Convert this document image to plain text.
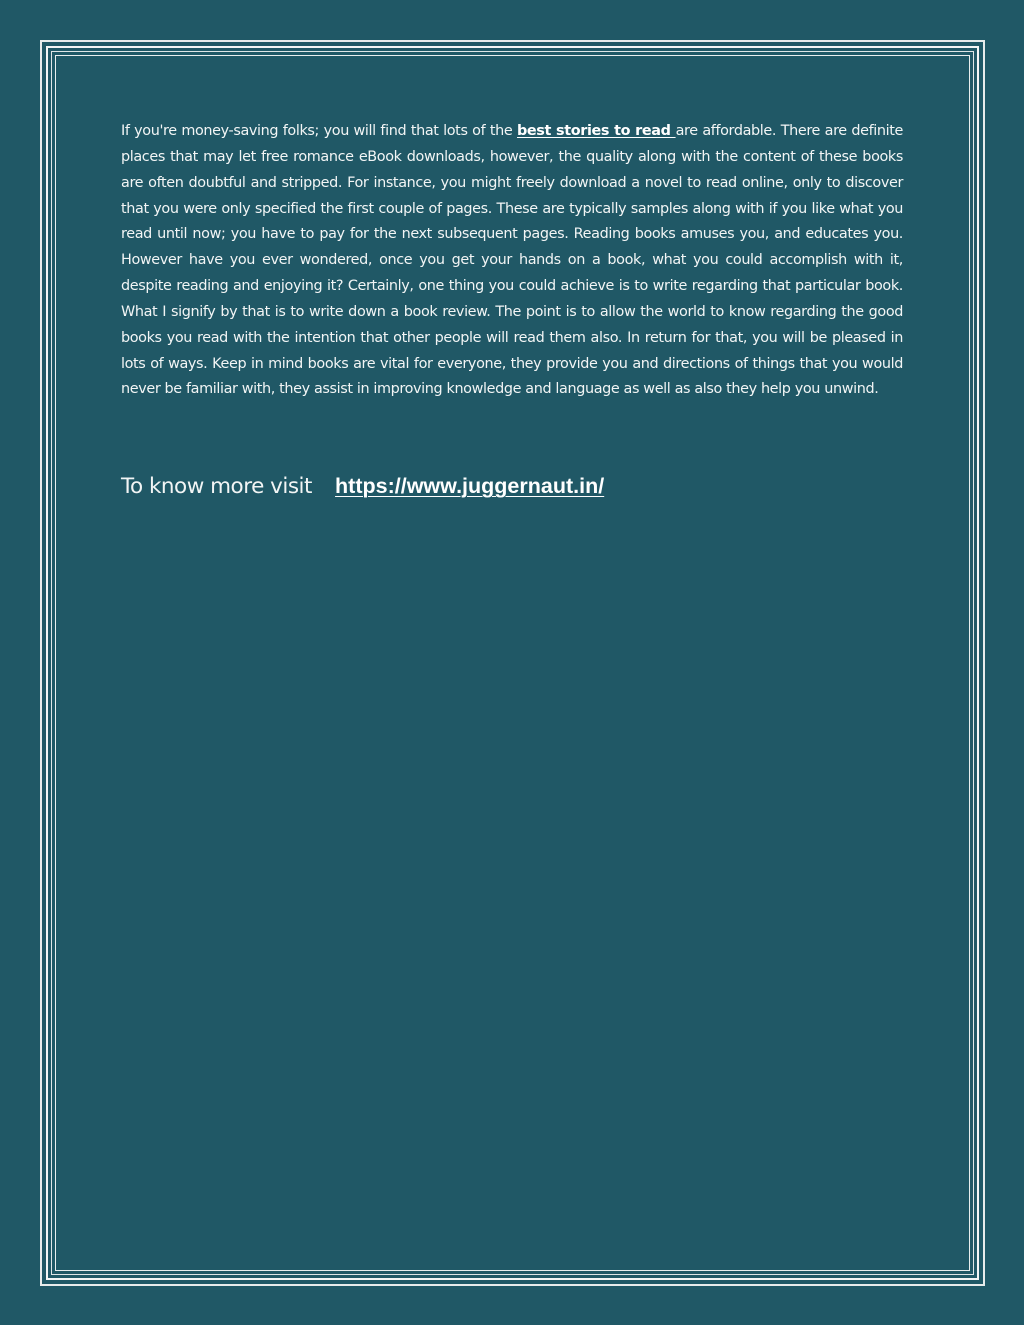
If you're money-saving folks; you will find that lots of the best stories to read are affordable. There are definite places that may let free romance eBook downloads, however, the quality along with the content of these books are often doubtful and stripped. For instance, you might freely download a novel to read online, only to discover that you were only specified the first couple of pages. These are typically samples along with if you like what you read until now; you have to pay for the next subsequent pages. Reading books amuses you, and educates you. However have you ever wondered, once you get your hands on a book, what you could accomplish with it, despite reading and enjoying it? Certainly, one thing you could achieve is to write regarding that particular book. What I signify by that is to write down a book review. The point is to allow the world to know regarding the good books you read with the intention that other people will read them also. In return for that, you will be pleased in lots of ways. Keep in mind books are vital for everyone, they provide you and directions of things that you would never be familiar with, they assist in improving knowledge and language as well as also they help you unwind.

To know more visit https://www.juggernaut.in/
